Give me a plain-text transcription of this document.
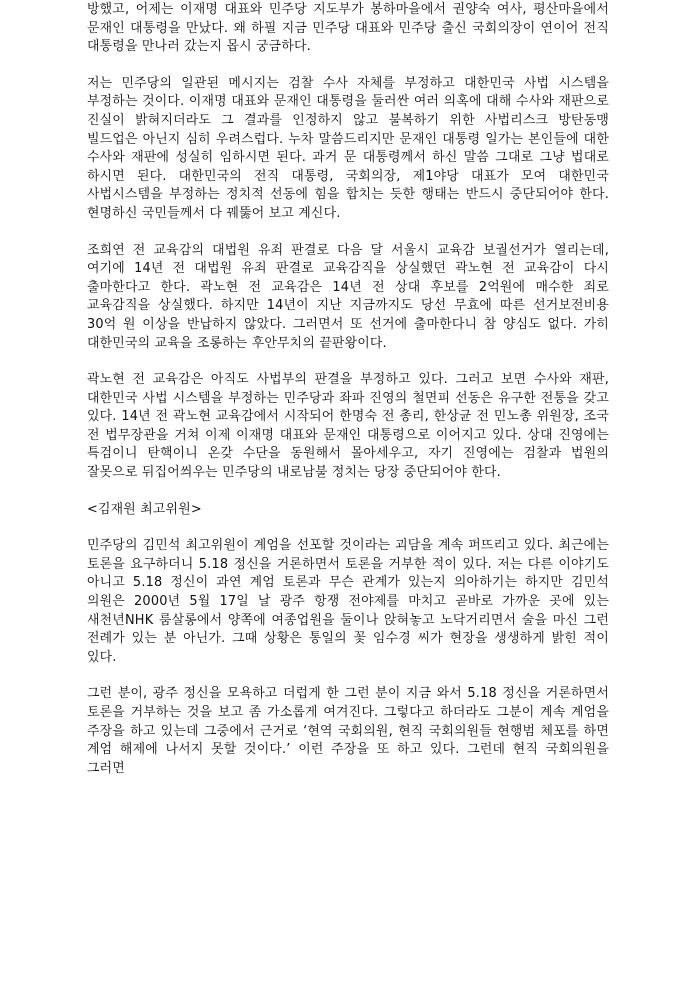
방했고, 어제는 이재명 대표와 민주당 지도부가 봉하마을에서 권양숙 여사, 평산마을에서 문재인 대통령을 만났다. 왜 하필 지금 민주당 대표와 민주당 출신 국회의장이 연이어 전직 대통령을 만나러 갔는지 몹시 궁금하다.

저는 민주당의 일관된 메시지는 검찰 수사 자체를 부정하고 대한민국 사법 시스템을 부정하는 것이다. 이재명 대표와 문재인 대통령을 둘러싼 여러 의혹에 대해 수사와 재판으로 진실이 밝혀지더라도 그 결과를 인정하지 않고 불복하기 위한 사법리스크 방탄동맹 빌드업은 아닌지 심히 우려스럽다. 누차 말씀드리지만 문재인 대통령 일가는 본인들에 대한 수사와 재판에 성실히 임하시면 된다. 과거 문 대통령께서 하신 말씀 그대로 그냥 법대로 하시면 된다. 대한민국의 전직 대통령, 국회의장, 제1야당 대표가 모여 대한민국 사법시스템을 부정하는 정치적 선동에 힘을 합치는 듯한 행태는 반드시 중단되어야 한다. 현명하신 국민들께서 다 꿰뚫어 보고 계신다.

조희연 전 교육감의 대법원 유죄 판결로 다음 달 서울시 교육감 보궐선거가 열리는데, 여기에 14년 전 대법원 유죄 판결로 교육감직을 상실했던 곽노현 전 교육감이 다시 출마한다고 한다. 곽노현 전 교육감은 14년 전 상대 후보를 2억원에 매수한 죄로 교육감직을 상실했다. 하지만 14년이 지난 지금까지도 당선 무효에 따른 선거보전비용 30억 원 이상을 반납하지 않았다. 그러면서 또 선거에 출마한다니 참 양심도 없다. 가히 대한민국의 교육을 조롱하는 후안무치의 끝판왕이다.

곽노현 전 교육감은 아직도 사법부의 판결을 부정하고 있다. 그러고 보면 수사와 재판, 대한민국 사법 시스템을 부정하는 민주당과 좌파 진영의 철면피 선동은 유구한 전통을 갖고 있다. 14년 전 곽노현 교육감에서 시작되어 한명숙 전 총리, 한상균 전 민노총 위원장, 조국 전 법무장관을 거쳐 이제 이재명 대표와 문재인 대통령으로 이어지고 있다. 상대 진영에는 특검이니 탄핵이니 온갖 수단을 동원해서 몰아세우고, 자기 진영에는 검찰과 법원의 잘못으로 뒤집어씌우는 민주당의 내로남불 정치는 당장 중단되어야 한다.

<김재원 최고위원>

민주당의 김민석 최고위원이 계엄을 선포할 것이라는 괴담을 계속 퍼뜨리고 있다. 최근에는 토론을 요구하더니 5.18 정신을 거론하면서 토론을 거부한 적이 있다. 저는 다른 이야기도 아니고 5.18 정신이 과연 계엄 토론과 무슨 관계가 있는지 의아하기는 하지만 김민석 의원은 2000년 5월 17일 날 광주 항쟁 전야제를 마치고 곧바로 가까운 곳에 있는 새천년NHK 룸살롱에서 양쪽에 여종업원을 둘이나 앉혀놓고 노닥거리면서 술을 마신 그런 전례가 있는 분 아닌가. 그때 상황은 통일의 꽃 임수경 씨가 현장을 생생하게 밝힌 적이 있다.

그런 분이, 광주 정신을 모욕하고 더럽게 한 그런 분이 지금 와서 5.18 정신을 거론하면서 토론을 거부하는 것을 보고 좀 가소롭게 여겨진다. 그렇다고 하더라도 그분이 계속 계엄을 주장을 하고 있는데 그중에서 근거로 ‘현역 국회의원, 현직 국회의원들 현행범 체포를 하면 계엄 해제에 나서지 못할 것이다.’ 이런 주장을 또 하고 있다. 그런데 현직 국회의원을 그러면
